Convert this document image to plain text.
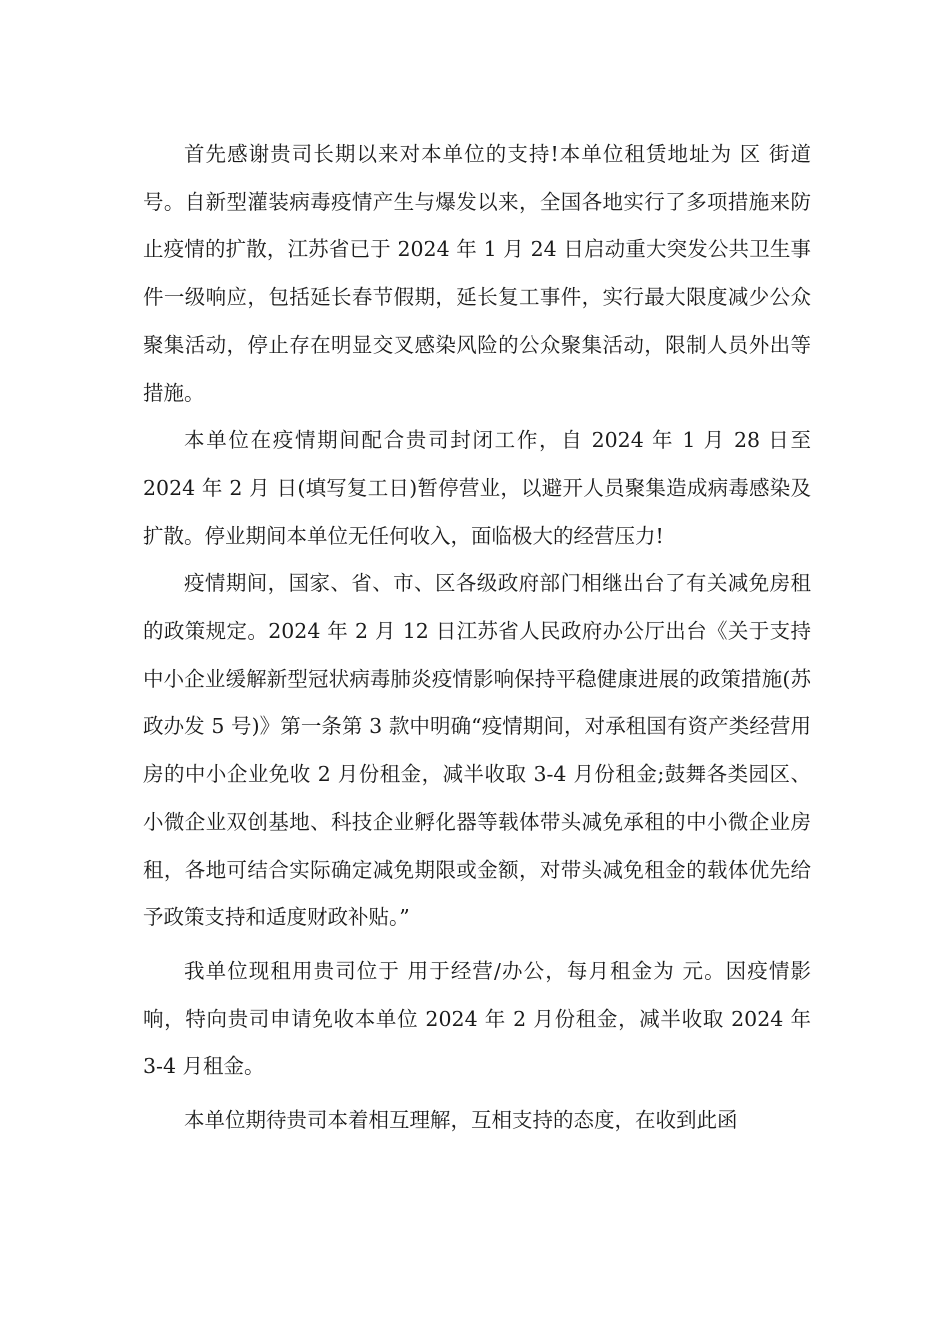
首先感谢贵司长期以来对本单位的支持!本单位租赁地址为 区 街道 号。自新型灌装病毒疫情产生与爆发以来，全国各地实行了多项措施来防止疫情的扩散，江苏省已于 2024 年 1 月 24 日启动重大突发公共卫生事件一级响应，包括延长春节假期，延长复工事件，实行最大限度减少公众聚集活动，停止存在明显交叉感染风险的公众聚集活动，限制人员外出等措施。

本单位在疫情期间配合贵司封闭工作，自 2024 年 1 月 28 日至 2024 年 2 月 日(填写复工日)暂停营业，以避开人员聚集造成病毒感染及扩散。停业期间本单位无任何收入，面临极大的经营压力!

疫情期间，国家、省、市、区各级政府部门相继出台了有关减免房租的政策规定。2024 年 2 月 12 日江苏省人民政府办公厅出台《关于支持中小企业缓解新型冠状病毒肺炎疫情影响保持平稳健康进展的政策措施(苏政办发 5 号)》第一条第 3 款中明确“疫情期间，对承租国有资产类经营用房的中小企业免收 2 月份租金，减半收取 3-4 月份租金;鼓舞各类园区、小微企业双创基地、科技企业孵化器等载体带头减免承租的中小微企业房租，各地可结合实际确定减免期限或金额，对带头减免租金的载体优先给予政策支持和适度财政补贴。”

我单位现租用贵司位于 用于经营/办公，每月租金为 元。因疫情影响，特向贵司申请免收本单位 2024 年 2 月份租金，减半收取 2024 年 3-4 月租金。

本单位期待贵司本着相互理解，互相支持的态度，在收到此函
